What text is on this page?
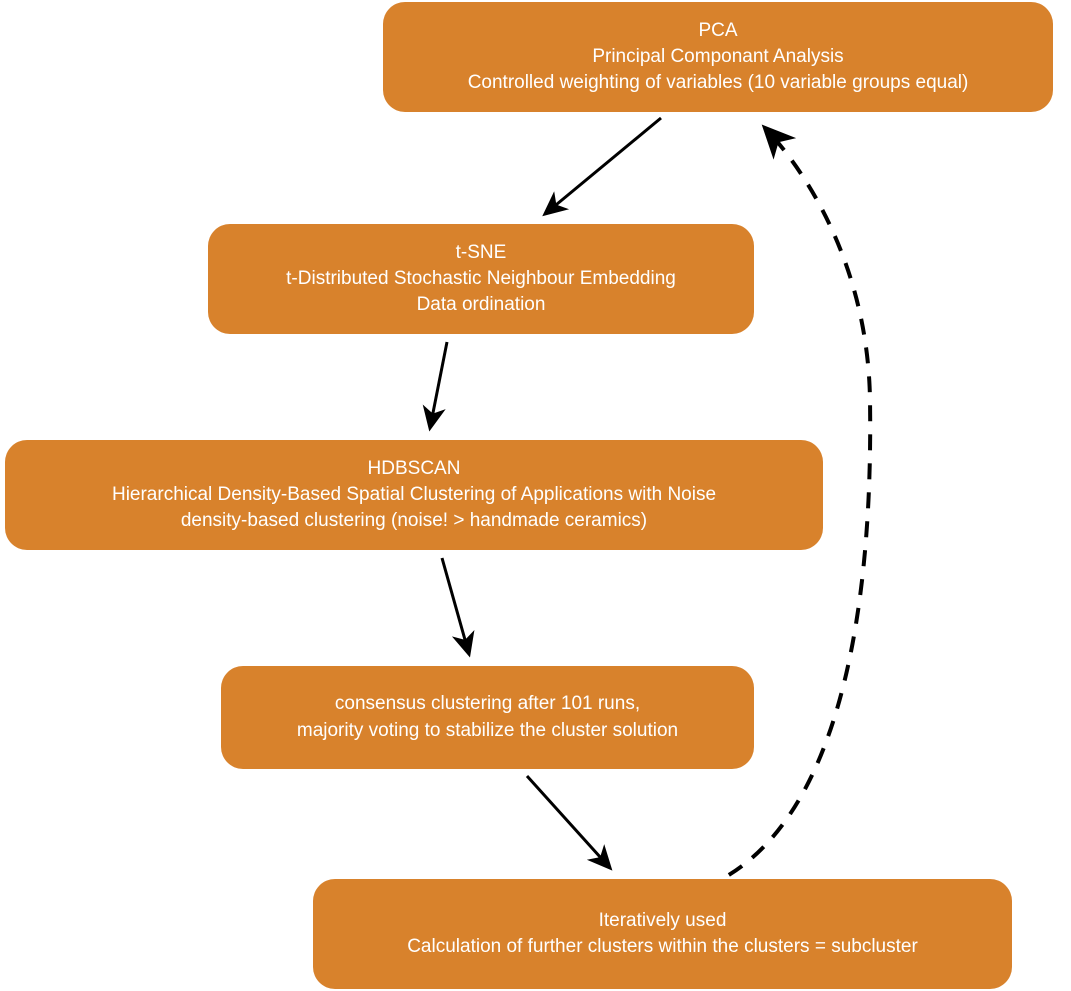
PCA
Principal Componant Analysis
Controlled weighting of variables (10 variable groups equal)
t-SNE
t-Distributed Stochastic Neighbour Embedding
Data ordination
HDBSCAN
Hierarchical Density-Based Spatial Clustering of Applications with Noise
density-based clustering (noise! > handmade ceramics)
consensus clustering after 101 runs,
majority voting to stabilize the cluster solution
Iteratively used
Calculation of further clusters within the clusters = subcluster
